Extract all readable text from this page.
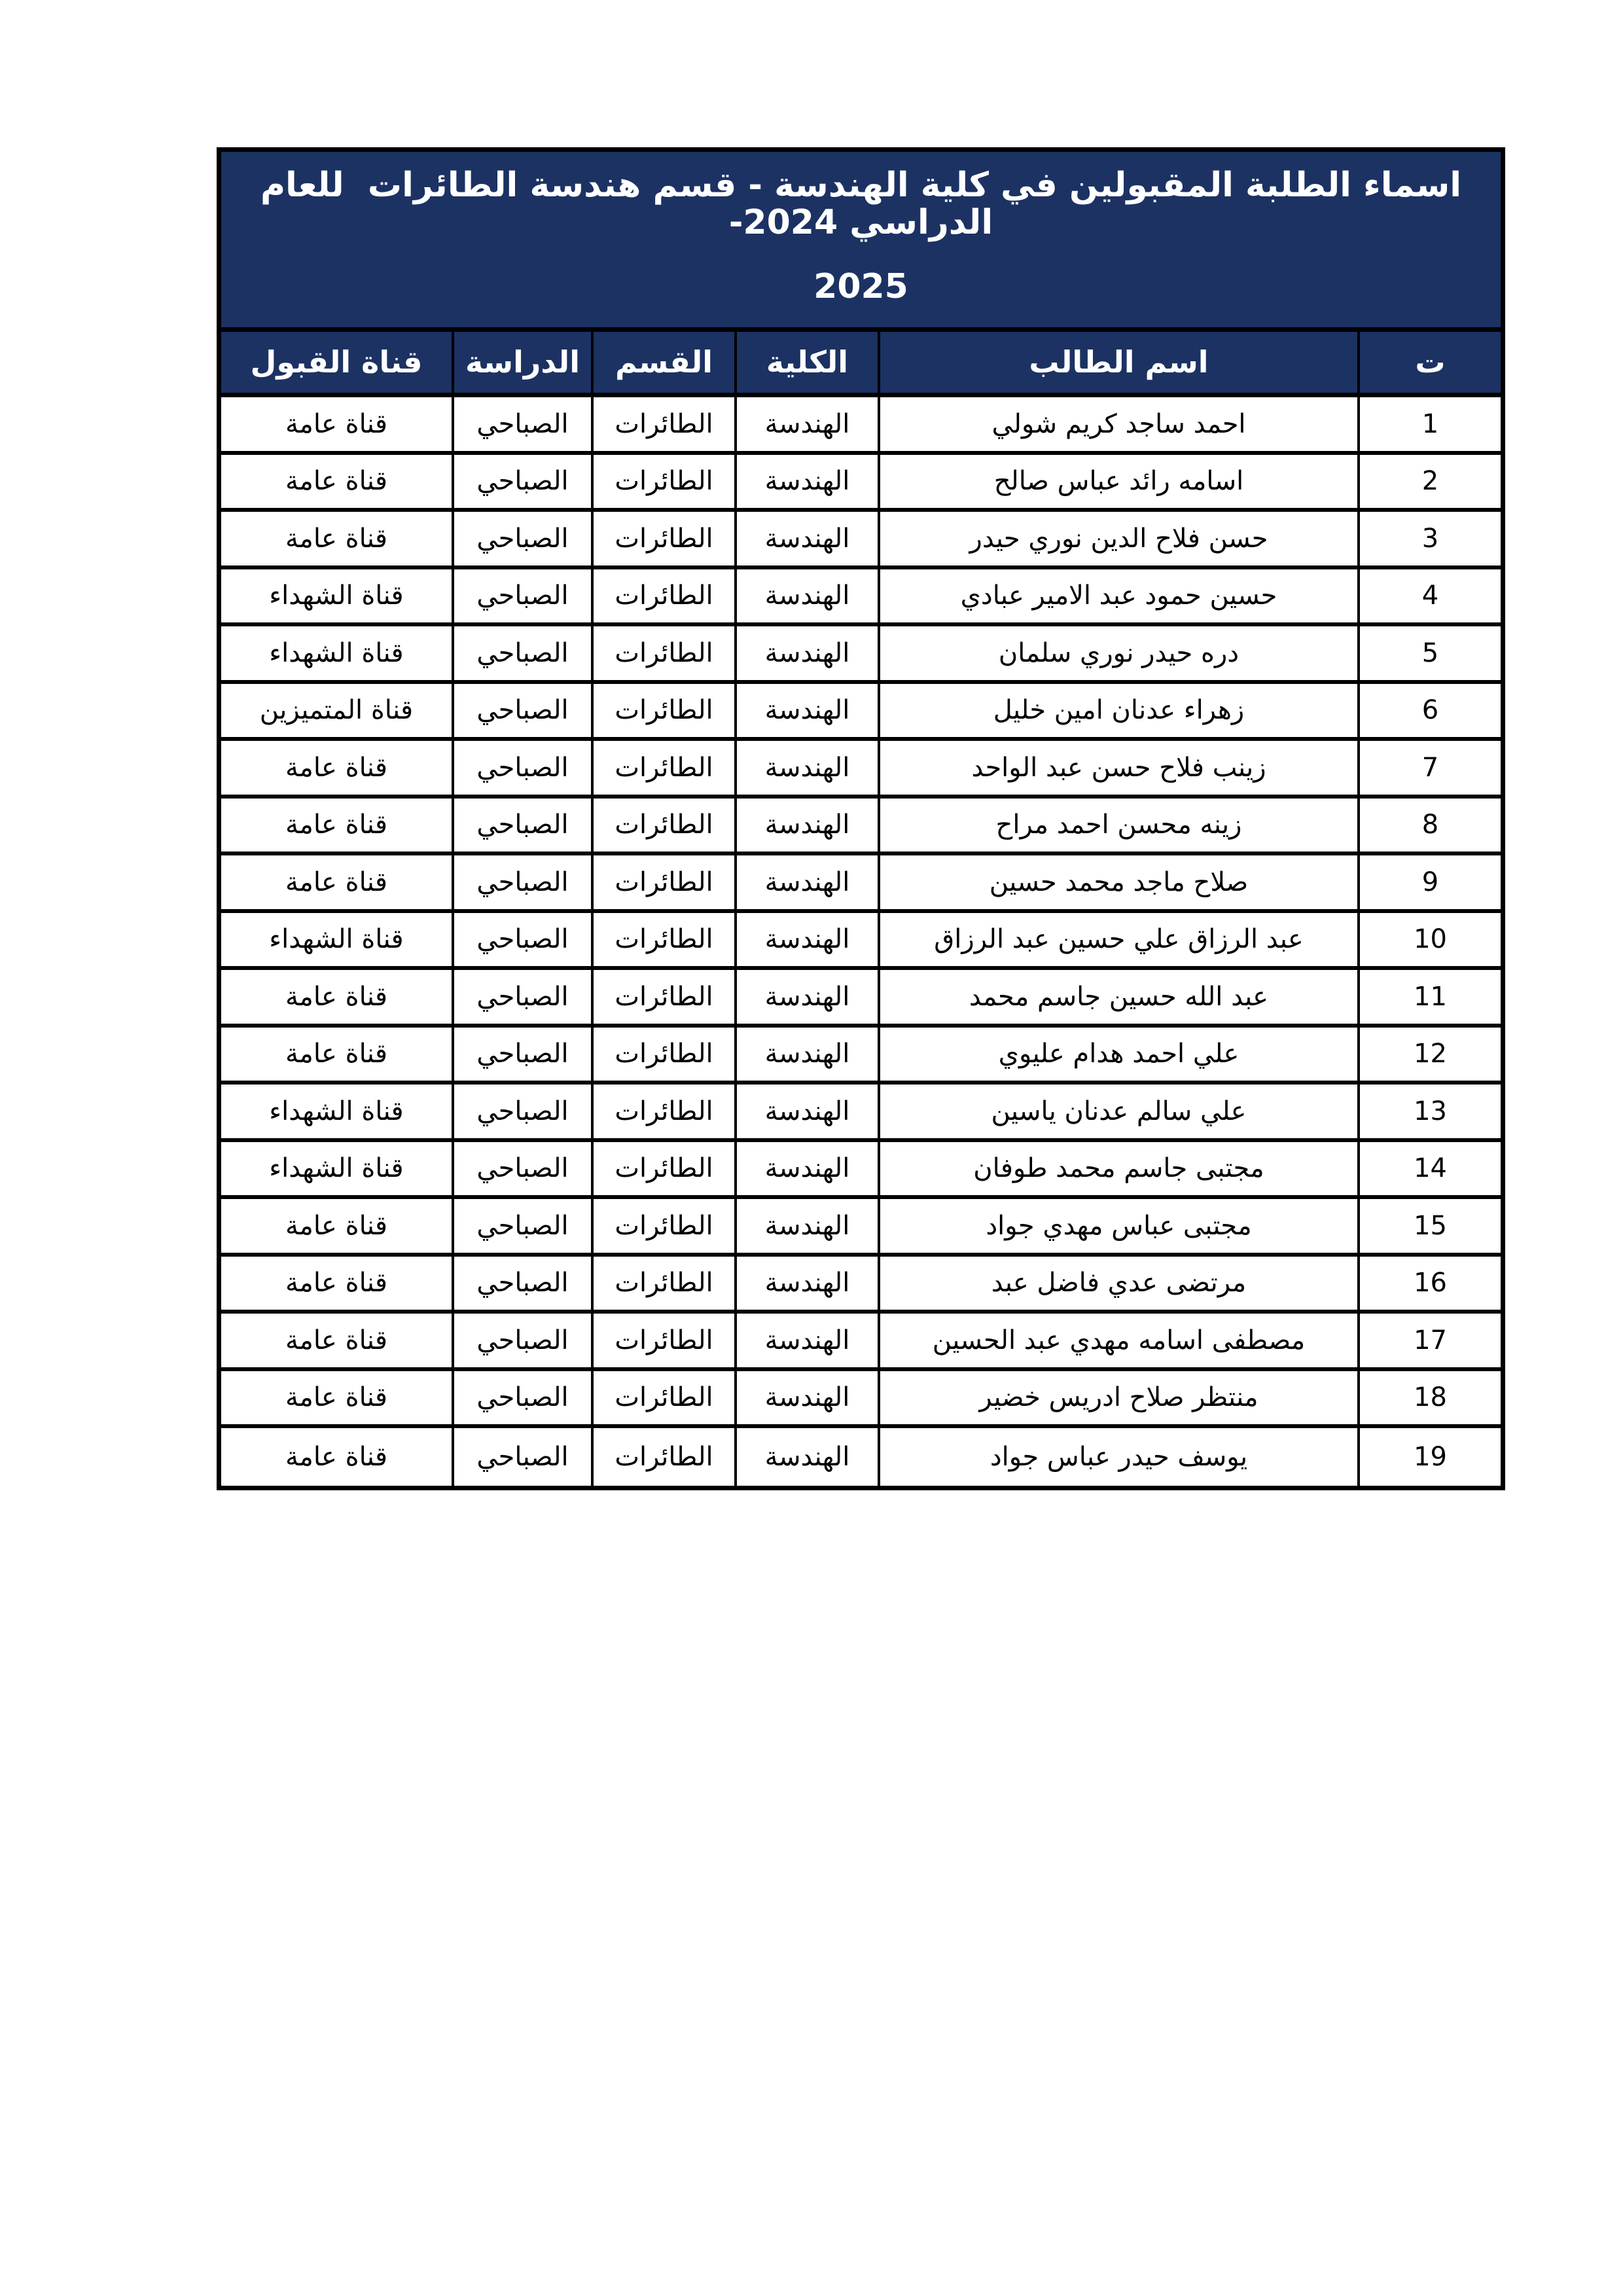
اسماء الطلبة المقبولين في كلية الهندسة - قسم هندسة الطائرات  للعام الدراسي 2024-
2025
ت
اسم الطالب
الكلية
القسم
الدراسة
قناة القبول
1
احمد ساجد كريم شولي
الهندسة
الطائرات
الصباحي
قناة عامة
2
اسامه رائد عباس صالح
الهندسة
الطائرات
الصباحي
قناة عامة
3
حسن فلاح الدين نوري حيدر
الهندسة
الطائرات
الصباحي
قناة عامة
4
حسين حمود عبد الامير عبادي
الهندسة
الطائرات
الصباحي
قناة الشهداء
5
دره حيدر نوري سلمان
الهندسة
الطائرات
الصباحي
قناة الشهداء
6
زهراء عدنان امين خليل
الهندسة
الطائرات
الصباحي
قناة المتميزين
7
زينب فلاح حسن عبد الواحد
الهندسة
الطائرات
الصباحي
قناة عامة
8
زينه محسن احمد مراح
الهندسة
الطائرات
الصباحي
قناة عامة
9
صلاح ماجد محمد حسين
الهندسة
الطائرات
الصباحي
قناة عامة
10
عبد الرزاق علي حسين عبد الرزاق
الهندسة
الطائرات
الصباحي
قناة الشهداء
11
عبد الله حسين جاسم محمد
الهندسة
الطائرات
الصباحي
قناة عامة
12
علي احمد هدام عليوي
الهندسة
الطائرات
الصباحي
قناة عامة
13
علي سالم عدنان ياسين
الهندسة
الطائرات
الصباحي
قناة الشهداء
14
مجتبى جاسم محمد طوفان
الهندسة
الطائرات
الصباحي
قناة الشهداء
15
مجتبى عباس مهدي جواد
الهندسة
الطائرات
الصباحي
قناة عامة
16
مرتضى عدي فاضل عبد
الهندسة
الطائرات
الصباحي
قناة عامة
17
مصطفى اسامه مهدي عبد الحسين
الهندسة
الطائرات
الصباحي
قناة عامة
18
منتظر صلاح ادريس خضير
الهندسة
الطائرات
الصباحي
قناة عامة
19
يوسف حيدر عباس جواد
الهندسة
الطائرات
الصباحي
قناة عامة
